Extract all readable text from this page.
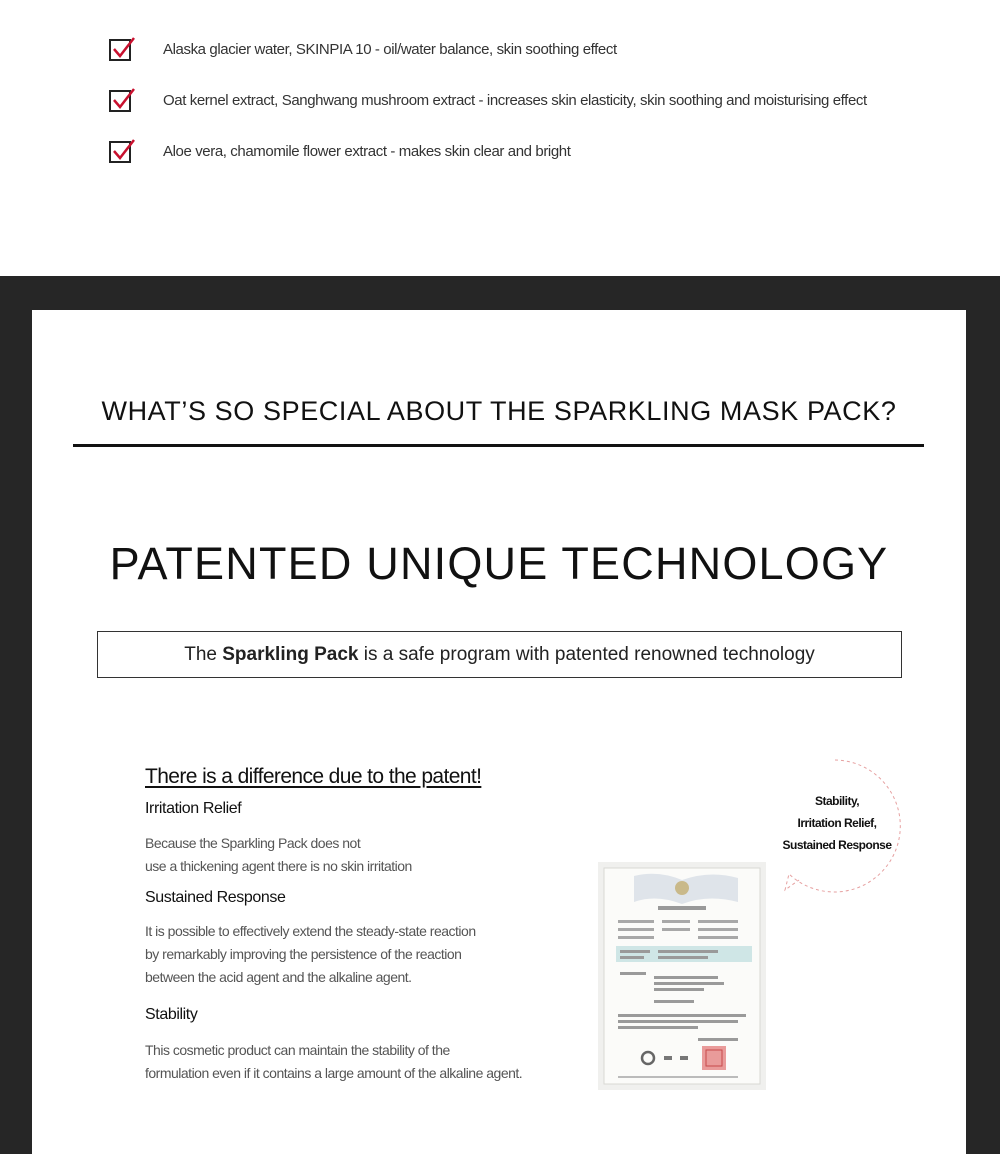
Alaska glacier water, SKINPIA 10 - oil/water balance, skin soothing effect
Oat kernel extract, Sanghwang mushroom extract - increases skin elasticity, skin soothing and moisturising effect
Aloe vera, chamomile flower extract - makes skin clear and bright
WHAT’S SO SPECIAL ABOUT THE SPARKLING MASK PACK?
PATENTED UNIQUE TECHNOLOGY
The Sparkling Pack is a safe program with patented renowned technology
There is a difference due to the patent!
Irritation Relief
Because the Sparkling Pack does not
use a thickening agent there is no skin irritation
Sustained Response
It is possible to effectively extend the steady-state reaction
by remarkably improving the persistence of the reaction
between the acid agent and the alkaline agent.
Stability
This cosmetic product can maintain the stability of the
formulation even if it contains a large amount of the alkaline agent.
Stability,
Irritation Relief,
Sustained Response
